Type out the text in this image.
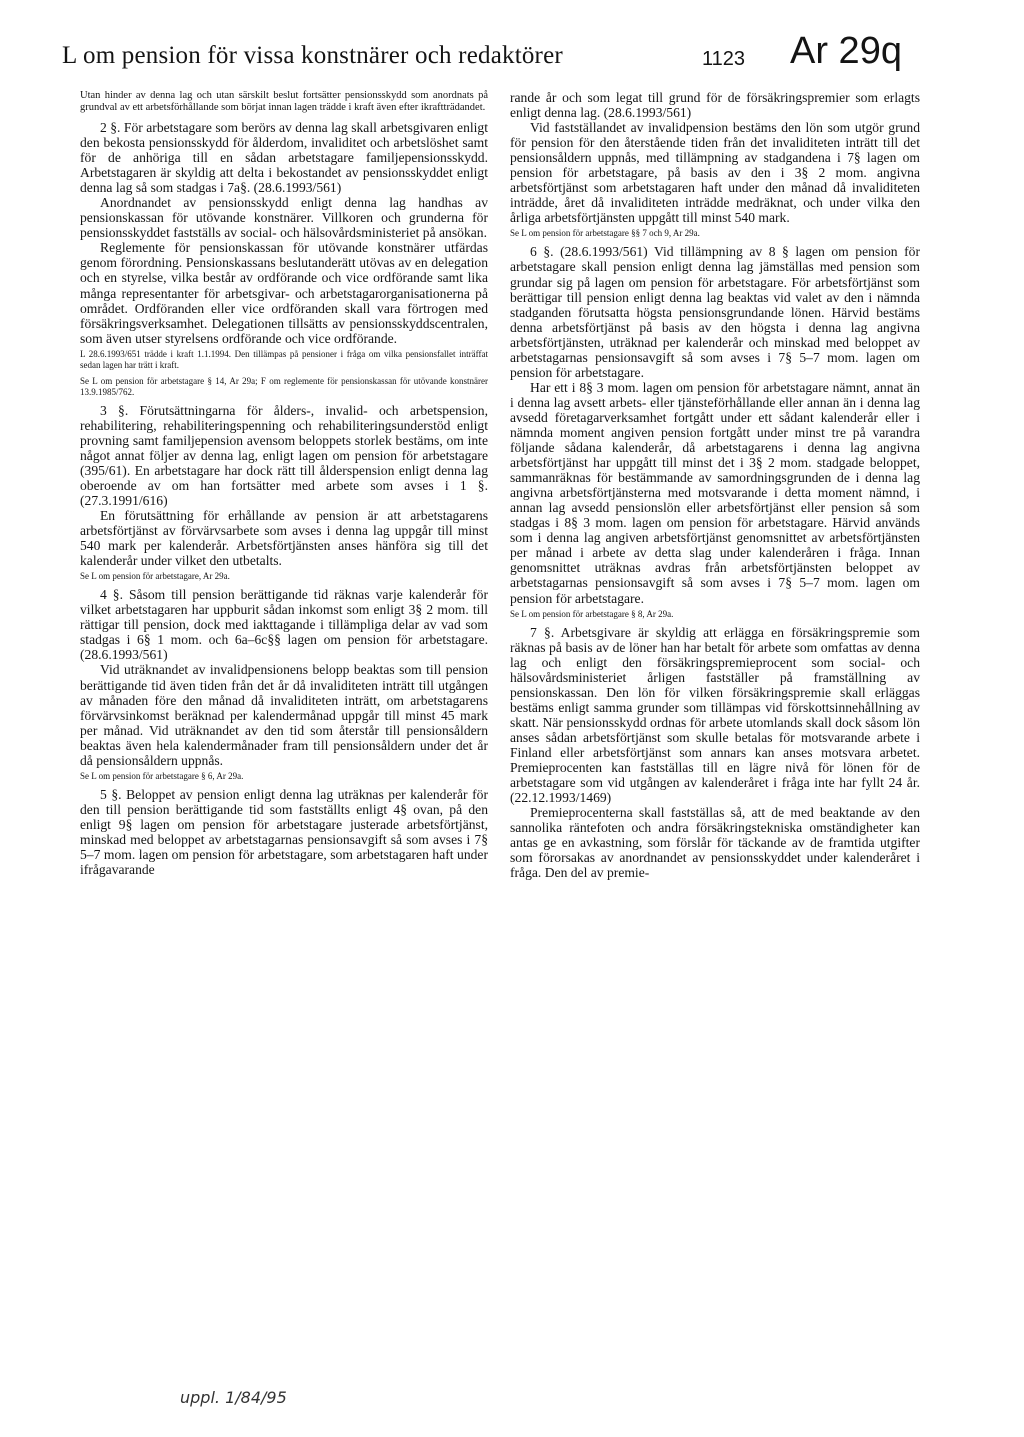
L om pension för vissa konstnärer och redaktörer	1123 Ar 29q

Utan hinder av denna lag och utan särskilt beslut fortsätter pensionsskydd som anordnats på grundval av ett arbetsförhållande som börjat innan lagen trädde i kraft även efter ikraftträdandet.

2 §. För arbetstagare som berörs av denna lag skall arbetsgivaren enligt den bekosta pensionsskydd för ålderdom, invaliditet och arbetslöshet samt för de anhöriga till en sådan arbetstagare familjepensionsskydd. Arbetstagaren är skyldig att delta i bekostandet av pensionsskyddet enligt denna lag så som stadgas i 7a§. (28.6.1993/561)

Anordnandet av pensionsskydd enligt denna lag handhas av pensionskassan för utövande konstnärer. Villkoren och grunderna för pensionsskyddet fastställs av social- och hälsovårdsministeriet på ansökan.

Reglemente för pensionskassan för utövande konstnärer utfärdas genom förordning. Pensionskassans beslutanderätt utövas av en delegation och en styrelse, vilka består av ordförande och vice ordförande samt lika många representanter för arbetsgivar- och arbetstagarorganisationerna på området. Ordföranden eller vice ordföranden skall vara förtrogen med försäkringsverksamhet. Delegationen tillsätts av pensionsskyddscentralen, som även utser styrelsens ordförande och vice ordförande.

L 28.6.1993/651 trädde i kraft 1.1.1994. Den tillämpas på pensioner i fråga om vilka pensionsfallet inträffat sedan lagen har trätt i kraft.

Se L om pension för arbetstagare § 14, Ar 29a; F om reglemente för pensionskassan för utövande konstnärer 13.9.1985/762.

3 §. Förutsättningarna för ålders-, invalid- och arbetspension, rehabilitering, rehabiliteringspenning och rehabiliteringsunderstöd enligt provning samt familjepension avensom beloppets storlek bestäms, om inte något annat följer av denna lag, enligt lagen om pension för arbetstagare (395/61). En arbetstagare har dock rätt till ålderspension enligt denna lag oberoende av om han fortsätter med arbete som avses i 1 §. (27.3.1991/616)

En förutsättning för erhållande av pension är att arbetstagarens arbetsförtjänst av förvärvsarbete som avses i denna lag uppgår till minst 540 mark per kalenderår. Arbetsförtjänsten anses hänföra sig till det kalenderår under vilket den utbetalts.

Se L om pension för arbetstagare, Ar 29a.

4 §. Såsom till pension berättigande tid räknas varje kalenderår för vilket arbetstagaren har uppburit sådan inkomst som enligt 3§ 2 mom. till rättigar till pension, dock med iakttagande i tillämpliga delar av vad som stadgas i 6§ 1 mom. och 6a–6c§§ lagen om pension för arbetstagare. (28.6.1993/561)

Vid uträknandet av invalidpensionens belopp beaktas som till pension berättigande tid även tiden från det år då invaliditeten inträtt till utgången av månaden före den månad då invaliditeten inträtt, om arbetstagarens förvärvsinkomst beräknad per kalendermånad uppgår till minst 45 mark per månad. Vid uträknandet av den tid som återstår till pensionsåldern beaktas även hela kalendermånader fram till pensionsåldern under det år då pensionsåldern uppnås.

Se L om pension för arbetstagare § 6, Ar 29a.

5 §. Beloppet av pension enligt denna lag uträknas per kalenderår för den till pension berättigande tid som fastställts enligt 4§ ovan, på den enligt 9§ lagen om pension för arbetstagare justerade arbetsförtjänst, minskad med beloppet av arbetstagarnas pensionsavgift så som avses i 7§ 5–7 mom. lagen om pension för arbetstagare, som arbetstagaren haft under ifrågavarande

rande år och som legat till grund för de försäkringspremier som erlagts enligt denna lag. (28.6.1993/561)

Vid fastställandet av invalidpension bestäms den lön som utgör grund för pension för den återstående tiden från det invaliditeten inträtt till det pensionsåldern uppnås, med tillämpning av stadgandena i 7§ lagen om pension för arbetstagare, på basis av den i 3§ 2 mom. angivna arbetsförtjänst som arbetstagaren haft under den månad då invaliditeten inträdde, året då invaliditeten inträdde medräknat, och under vilka den årliga arbetsförtjänsten uppgått till minst 540 mark.

Se L om pension för arbetstagare §§ 7 och 9, Ar 29a.

6 §. (28.6.1993/561) Vid tillämpning av 8 § lagen om pension för arbetstagare skall pension enligt denna lag jämställas med pension som grundar sig på lagen om pension för arbetstagare. För arbetsförtjänst som berättigar till pension enligt denna lag beaktas vid valet av den i nämnda stadganden förutsatta högsta pensionsgrundande lönen. Härvid bestäms denna arbetsförtjänst på basis av den högsta i denna lag angivna arbetsförtjänsten, uträknad per kalenderår och minskad med beloppet av arbetstagarnas pensionsavgift så som avses i 7§ 5–7 mom. lagen om pension för arbetstagare.

Har ett i 8§ 3 mom. lagen om pension för arbetstagare nämnt, annat än i denna lag avsett arbets- eller tjänsteförhållande eller annan än i denna lag avsedd företagarverksamhet fortgått under ett sådant kalenderår eller i nämnda moment angiven pension fortgått under minst tre på varandra följande sådana kalenderår, då arbetstagarens i denna lag angivna arbetsförtjänst har uppgått till minst det i 3§ 2 mom. stadgade beloppet, sammanräknas för bestämmande av samordningsgrunden de i denna lag angivna arbetsförtjänsterna med motsvarande i detta moment nämnd, i annan lag avsedd pensionslön eller arbetsförtjänst eller pension så som stadgas i 8§ 3 mom. lagen om pension för arbetstagare. Härvid används som i denna lag angiven arbetsförtjänst genomsnittet av arbetsförtjänsten per månad i arbete av detta slag under kalenderåren i fråga. Innan genomsnittet uträknas avdras från arbetsförtjänsten beloppet av arbetstagarnas pensionsavgift så som avses i 7§ 5–7 mom. lagen om pension för arbetstagare.

Se L om pension för arbetstagare § 8, Ar 29a.

7 §. Arbetsgivare är skyldig att erlägga en försäkringspremie som räknas på basis av de löner han har betalt för arbete som omfattas av denna lag och enligt den försäkringspremieprocent som social- och hälsovårdsministeriet årligen fastställer på framställning av pensionskassan. Den lön för vilken försäkringspremie skall erläggas bestäms enligt samma grunder som tillämpas vid förskottsinnehållning av skatt. När pensionsskydd ordnas för arbete utomlands skall dock såsom lön anses sådan arbetsförtjänst som skulle betalas för motsvarande arbete i Finland eller arbetsförtjänst som annars kan anses motsvara arbetet. Premieprocenten kan fastställas till en lägre nivå för lönen för de arbetstagare som vid utgången av kalenderåret i fråga inte har fyllt 24 år. (22.12.1993/1469)

Premieprocenterna skall fastställas så, att de med beaktande av den sannolika räntefoten och andra försäkringstekniska omständigheter kan antas ge en avkastning, som förslår för täckande av de framtida utgifter som förorsakas av anordnandet av pensionsskyddet under kalenderåret i fråga. Den del av premie-

uppl. 1/84/95
